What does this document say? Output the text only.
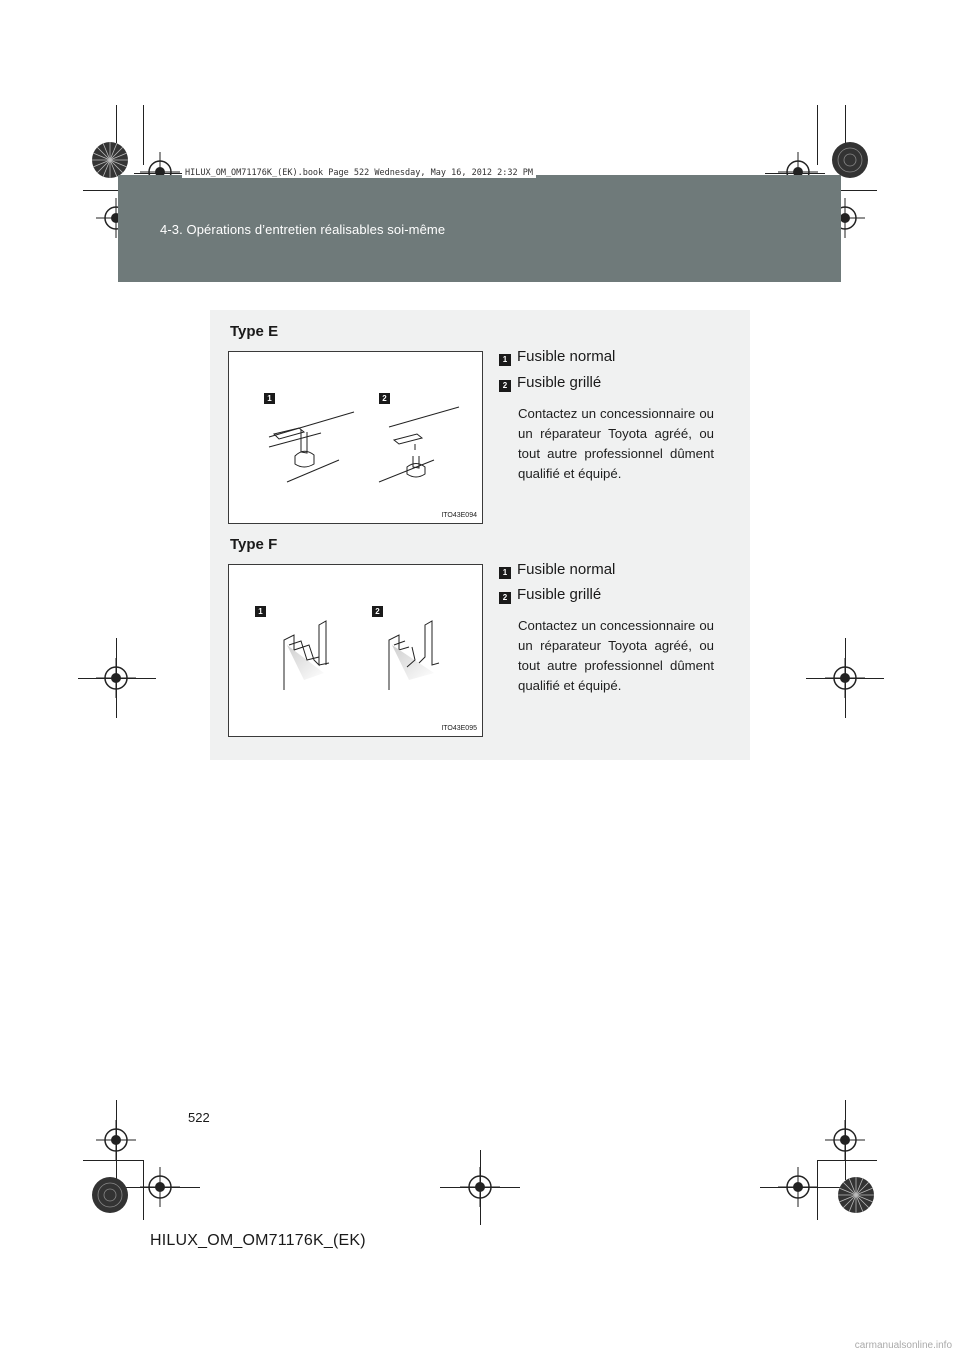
HILUX_OM_OM71176K_(EK).book Page 522 Wednesday, May 16, 2012 2:32 PM
4-3. Opérations d’entretien réalisables soi-même
Type E
1	2
ITO43E094
1 Fusible normal
2 Fusible grillé
Contactez un concessionnaire ou un réparateur Toyota agréé, ou tout autre professionnel dûment qualifié et équipé.
Type F
1	2
ITO43E095
1 Fusible normal
2 Fusible grillé
Contactez un concessionnaire ou un réparateur Toyota agréé, ou tout autre professionnel dûment qualifié et équipé.
522
HILUX_OM_OM71176K_(EK)
carmanualsonline.info
